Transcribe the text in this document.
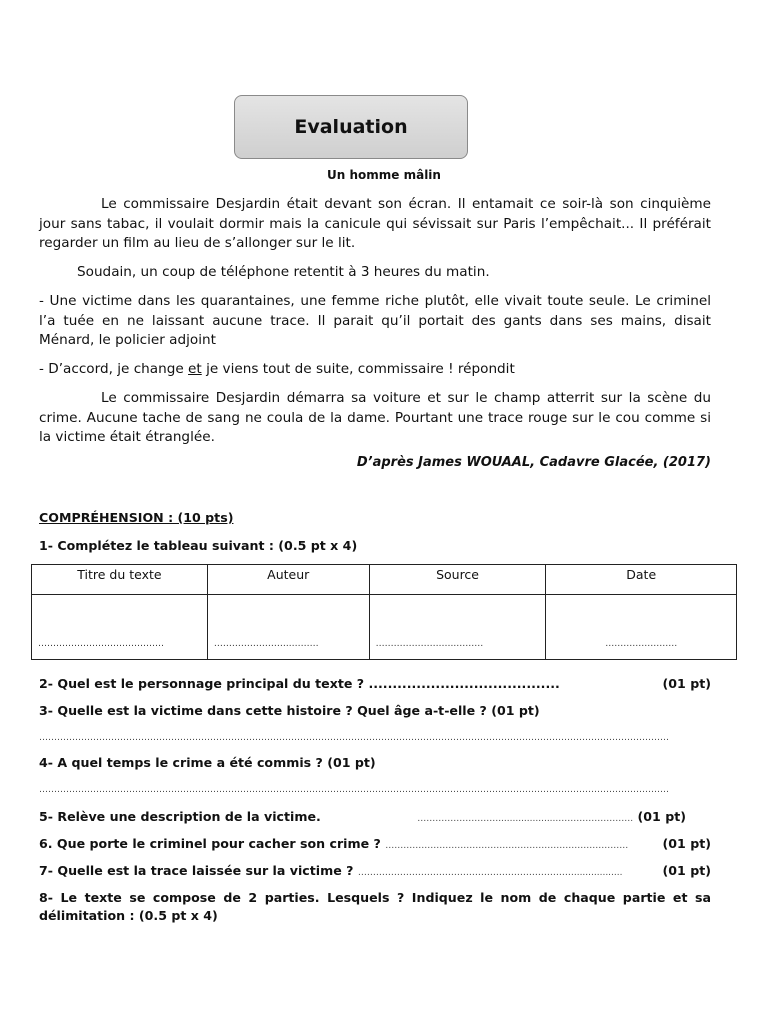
Evaluation
Un homme mâlin
Le commissaire Desjardin était devant son écran. Il entamait ce soir-là son cinquième jour sans tabac, il voulait dormir mais la canicule qui sévissait sur Paris l’empêchait... Il préférait regarder un film au lieu de s’allonger sur le lit.
Soudain, un coup de téléphone retentit à 3 heures du matin.
- Une victime dans les quarantaines, une femme riche plutôt, elle vivait toute seule. Le criminel l’a tuée en ne laissant aucune trace. Il parait qu’il portait des gants dans ses mains, disait Ménard, le policier adjoint
- D’accord, je change et je viens tout de suite, commissaire ! répondit
Le commissaire Desjardin démarra sa voiture et sur le champ atterrit sur la scène du crime. Aucune tache de sang ne coula de la dame. Pourtant une trace rouge sur le cou comme si la victime était étranglée.
D’après James WOUAAL, Cadavre Glacée, (2017)
COMPRÉHENSION : (10 pts)
1- Complétez le tableau suivant : (0.5 pt x 4)
Titre du texte	Auteur	Source	Date

……………………………………	……………………..………	………………….…..………	……………………
2- Quel est le personnage principal du texte ? ........................................	(01 pt)
3- Quelle est la victime dans cette histoire ? Quel âge a-t-elle ? (01 pt)
…………………………………………………………………………………………………………………………………………………………………………………………
4- A quel temps le crime a été commis ? (01 pt)
…………………………………………………………………………………………………………………………………………………………………………………………
5- Relève une description de la victime.	……………………….....................……………………. (01 pt)
6. Que porte le criminel pour cacher son crime ? ………………………………………………………………………	(01 pt)
7- Quelle est la trace laissée sur la victime ? ……………………………………………………………….................	(01 pt)
8- Le texte se compose de 2 parties. Lesquels ? Indiquez le nom de chaque partie et sa délimitation : (0.5 pt x 4)
